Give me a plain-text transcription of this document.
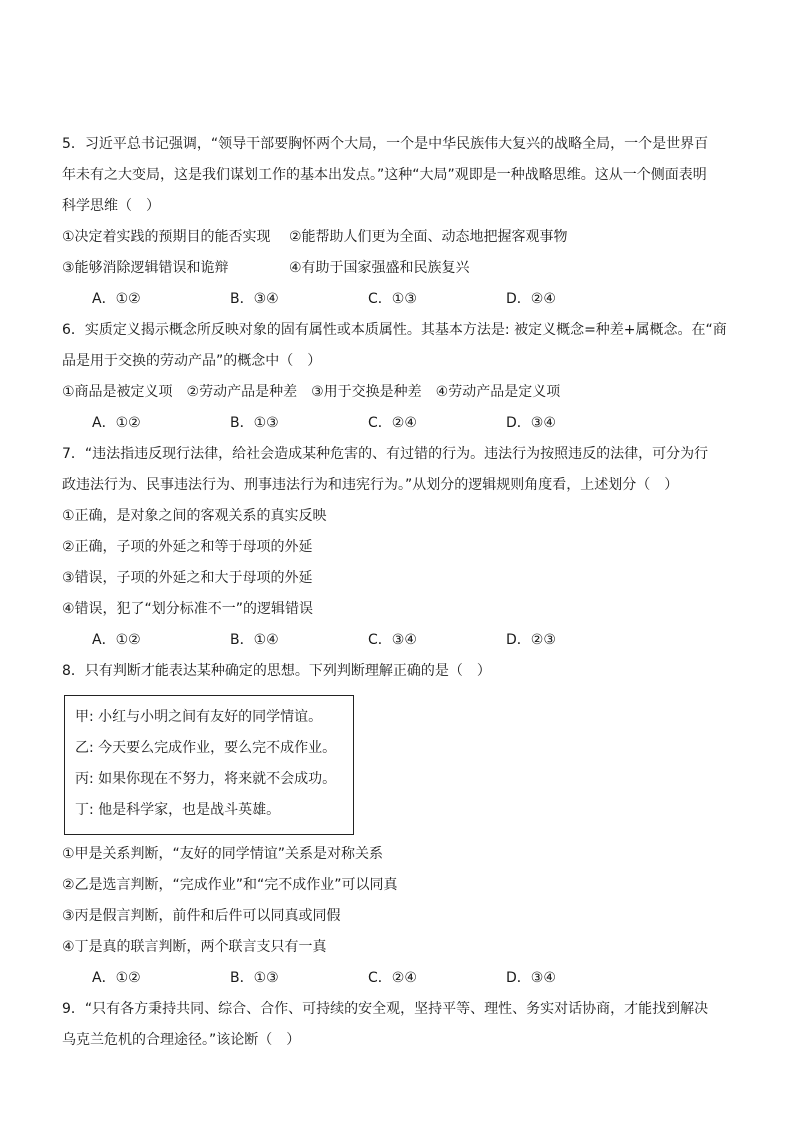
5．习近平总书记强调，“领导干部要胸怀两个大局，一个是中华民族伟大复兴的战略全局，一个是世界百
年未有之大变局，这是我们谋划工作的基本出发点。”这种“大局”观即是一种战略思维。这从一个侧面表明
科学思维（　）
①决定着实践的预期目的能否实现　 ②能帮助人们更为全面、动态地把握客观事物
③能够消除逻辑错误和诡辩　　　　 ④有助于国家强盛和民族复兴
A．①②	B．③④	C．①③	D．②④
6．实质定义揭示概念所反映对象的固有属性或本质属性。其基本方法是: 被定义概念=种差+属概念。在“商
品是用于交换的劳动产品”的概念中（　）
①商品是被定义项　②劳动产品是种差　③用于交换是种差　④劳动产品是定义项
A．①②	B．①③	C．②④	D．③④
7．“违法指违反现行法律，给社会造成某种危害的、有过错的行为。违法行为按照违反的法律，可分为行
政违法行为、民事违法行为、刑事违法行为和违宪行为。”从划分的逻辑规则角度看，上述划分（　）
①正确，是对象之间的客观关系的真实反映
②正确，子项的外延之和等于母项的外延
③错误，子项的外延之和大于母项的外延
④错误，犯了“划分标准不一”的逻辑错误
A．①②	B．①④	C．③④	D．②③
8．只有判断才能表达某种确定的思想。下列判断理解正确的是（　）
甲: 小红与小明之间有友好的同学情谊。
乙: 今天要么完成作业，要么完不成作业。
丙: 如果你现在不努力，将来就不会成功。
丁: 他是科学家，也是战斗英雄。
①甲是关系判断，“友好的同学情谊”关系是对称关系
②乙是选言判断，“完成作业”和“完不成作业”可以同真
③丙是假言判断，前件和后件可以同真或同假
④丁是真的联言判断，两个联言支只有一真
A．①②	B．①③	C．②④	D．③④
9．“只有各方秉持共同、综合、合作、可持续的安全观，坚持平等、理性、务实对话协商，才能找到解决
乌克兰危机的合理途径。”该论断（　）
